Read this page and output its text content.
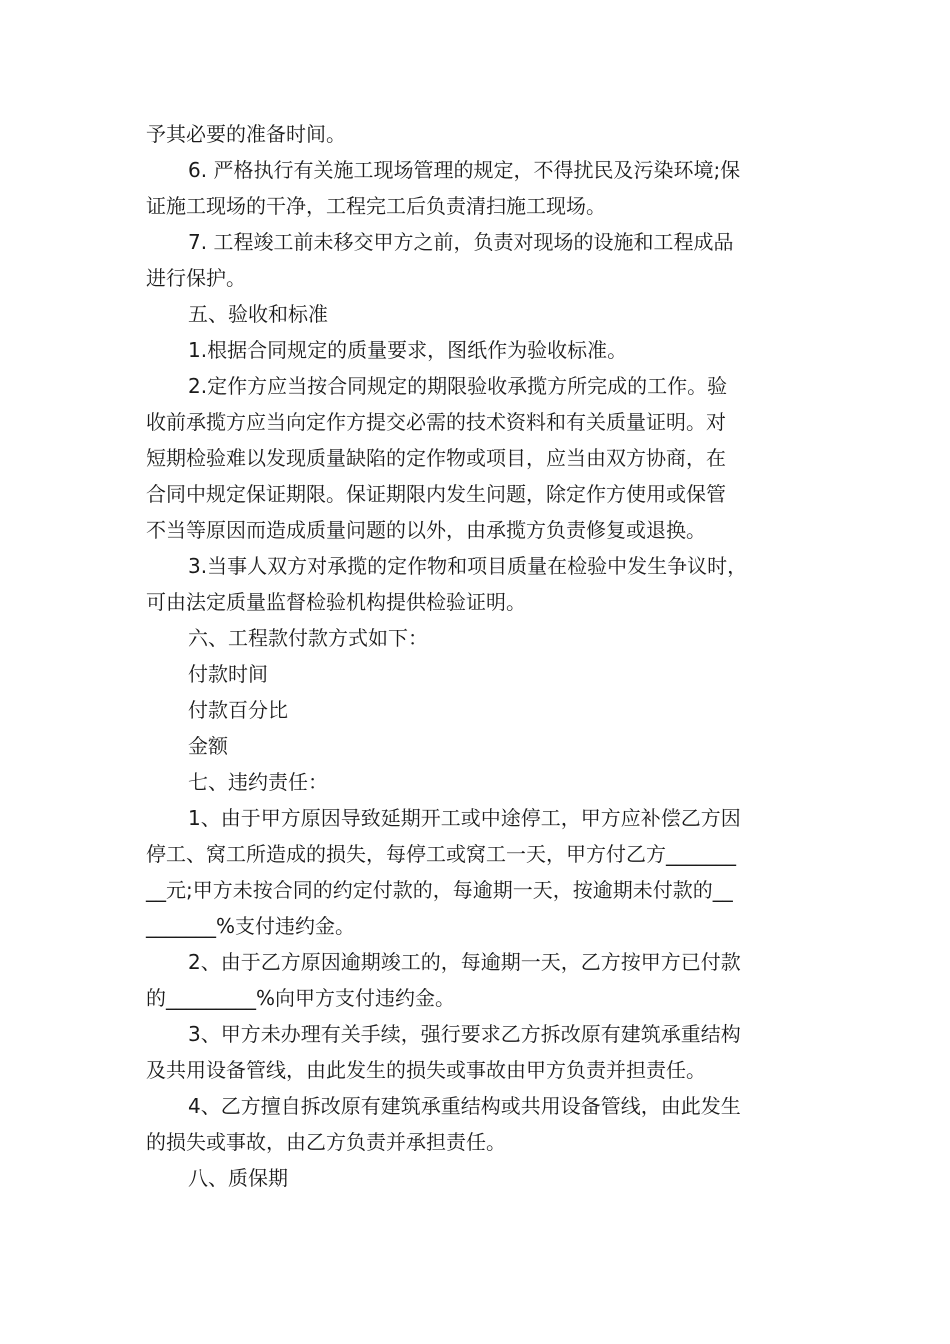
予其必要的准备时间。
6. 严格执行有关施工现场管理的规定，不得扰民及污染环境;保
证施工现场的干净，工程完工后负责清扫施工现场。
7. 工程竣工前未移交甲方之前，负责对现场的设施和工程成品
进行保护。
五、验收和标准
1.根据合同规定的质量要求，图纸作为验收标准。
2.定作方应当按合同规定的期限验收承揽方所完成的工作。验
收前承揽方应当向定作方提交必需的技术资料和有关质量证明。对
短期检验难以发现质量缺陷的定作物或项目，应当由双方协商，在
合同中规定保证期限。保证期限内发生问题，除定作方使用或保管
不当等原因而造成质量问题的以外，由承揽方负责修复或退换。
3.当事人双方对承揽的定作物和项目质量在检验中发生争议时，
可由法定质量监督检验机构提供检验证明。
六、工程款付款方式如下：
付款时间
付款百分比
金额
七、违约责任：
1、由于甲方原因导致延期开工或中途停工，甲方应补偿乙方因
停工、窝工所造成的损失，每停工或窝工一天，甲方付乙方_______
__元;甲方未按合同的约定付款的，每逾期一天，按逾期未付款的__
_______%支付违约金。
2、由于乙方原因逾期竣工的，每逾期一天，乙方按甲方已付款
的_________%向甲方支付违约金。
3、甲方未办理有关手续，强行要求乙方拆改原有建筑承重结构
及共用设备管线，由此发生的损失或事故由甲方负责并担责任。
4、乙方擅自拆改原有建筑承重结构或共用设备管线，由此发生
的损失或事故，由乙方负责并承担责任。
八、质保期
